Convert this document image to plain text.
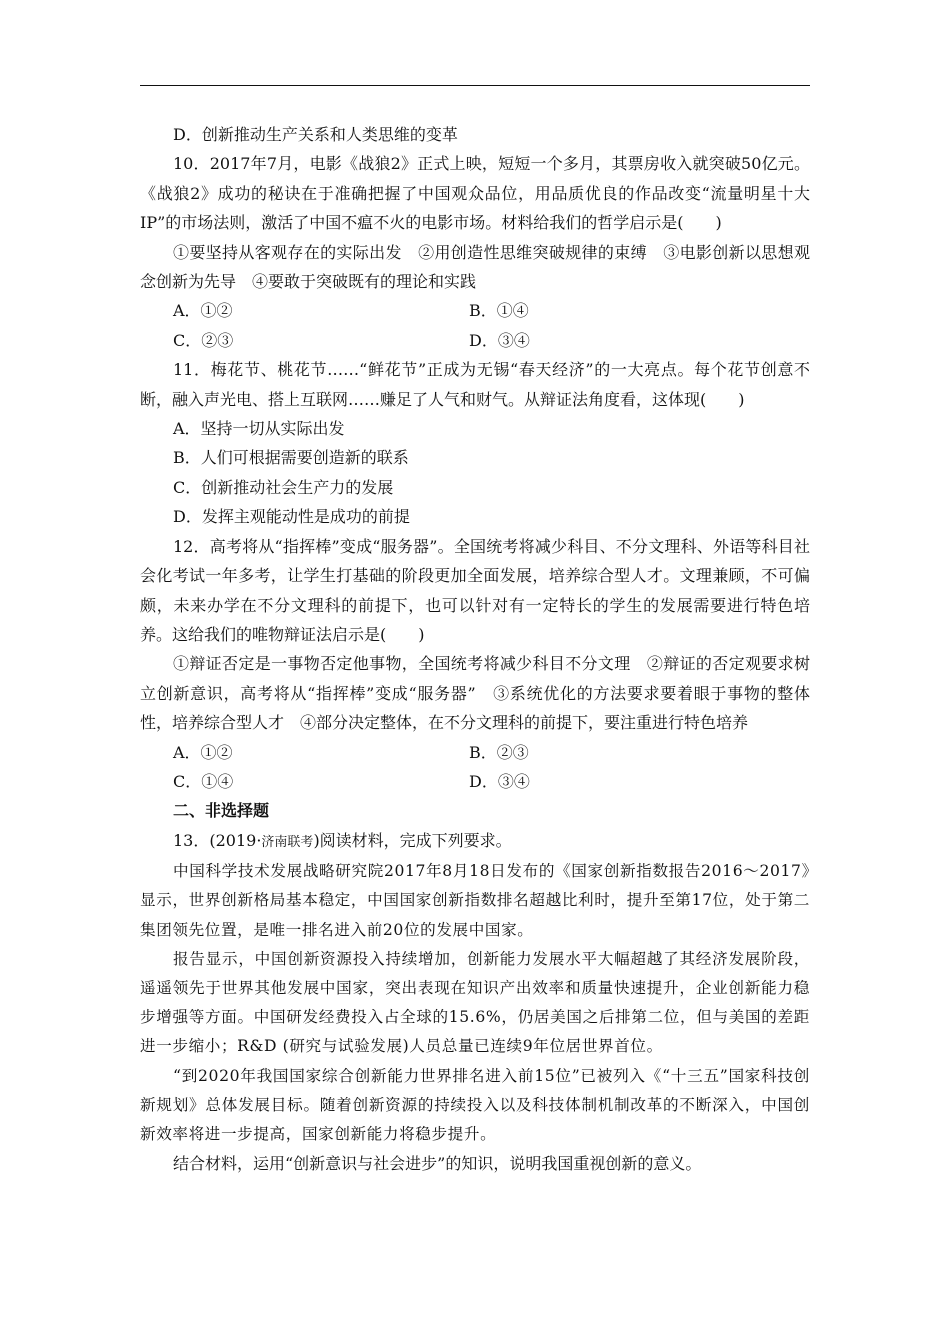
D．创新推动生产关系和人类思维的变革

10．2017年7月，电影《战狼2》正式上映，短短一个多月，其票房收入就突破50亿元。《战狼2》成功的秘诀在于准确把握了中国观众品位，用品质优良的作品改变“流量明星十大IP”的市场法则，激活了中国不瘟不火的电影市场。材料给我们的哲学启示是(　　)

①要坚持从客观存在的实际出发　②用创造性思维突破规律的束缚　③电影创新以思想观念创新为先导　④要敢于突破既有的理论和实践

A．①②	B．①④
C．②③	D．③④

11．梅花节、桃花节……“鲜花节”正成为无锡“春天经济”的一大亮点。每个花节创意不断，融入声光电、搭上互联网……赚足了人气和财气。从辩证法角度看，这体现(　　)

A．坚持一切从实际出发

B．人们可根据需要创造新的联系

C．创新推动社会生产力的发展

D．发挥主观能动性是成功的前提

12．高考将从“指挥棒”变成“服务器”。全国统考将减少科目、不分文理科、外语等科目社会化考试一年多考，让学生打基础的阶段更加全面发展，培养综合型人才。文理兼顾，不可偏颇，未来办学在不分文理科的前提下，也可以针对有一定特长的学生的发展需要进行特色培养。这给我们的唯物辩证法启示是(　　)

①辩证否定是一事物否定他事物，全国统考将减少科目不分文理　②辩证的否定观要求树立创新意识，高考将从“指挥棒”变成“服务器”　③系统优化的方法要求要着眼于事物的整体性，培养综合型人才　④部分决定整体，在不分文理科的前提下，要注重进行特色培养

A．①②	B．②③
C．①④	D．③④

二、非选择题

13．(2019·济南联考)阅读材料，完成下列要求。

中国科学技术发展战略研究院2017年8月18日发布的《国家创新指数报告2016～2017》显示，世界创新格局基本稳定，中国国家创新指数排名超越比利时，提升至第17位，处于第二集团领先位置，是唯一排名进入前20位的发展中国家。

报告显示，中国创新资源投入持续增加，创新能力发展水平大幅超越了其经济发展阶段，遥遥领先于世界其他发展中国家，突出表现在知识产出效率和质量快速提升，企业创新能力稳步增强等方面。中国研发经费投入占全球的15.6%，仍居美国之后排第二位，但与美国的差距进一步缩小；R&D (研究与试验发展)人员总量已连续9年位居世界首位。

“到2020年我国国家综合创新能力世界排名进入前15位”已被列入《“十三五”国家科技创新规划》总体发展目标。随着创新资源的持续投入以及科技体制机制改革的不断深入，中国创新效率将进一步提高，国家创新能力将稳步提升。

结合材料，运用“创新意识与社会进步”的知识，说明我国重视创新的意义。
